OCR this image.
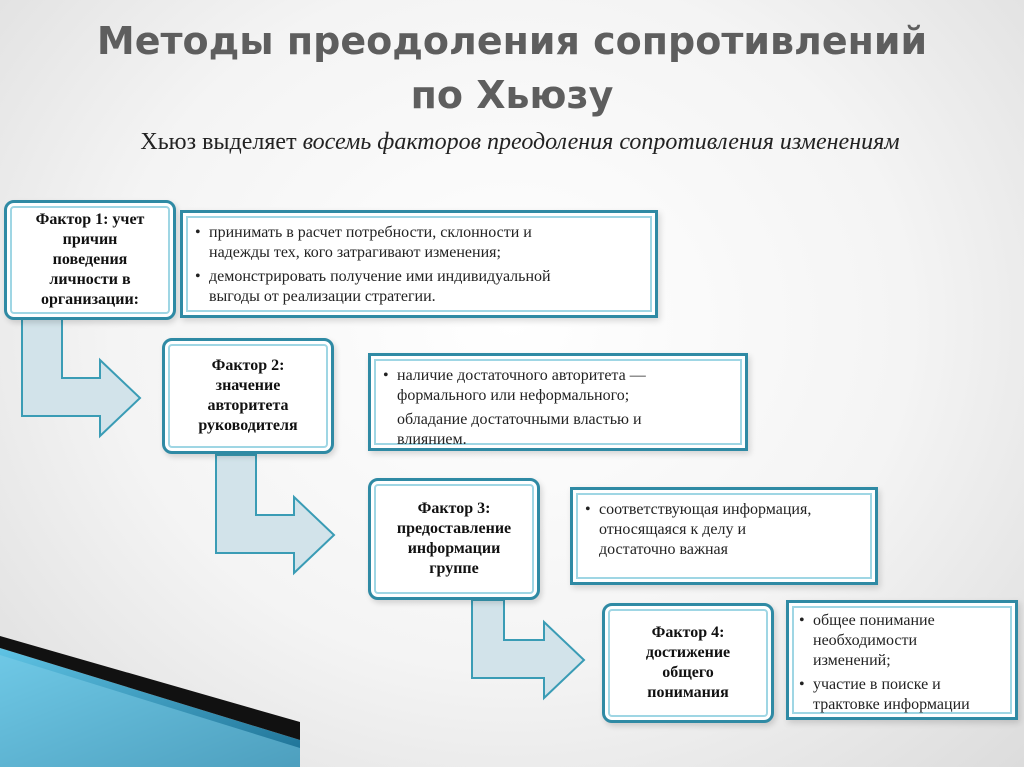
Методы преодоления сопротивлений
по Хьюзу
Хьюз выделяет восемь факторов преодоления сопротивления изменениям
Фактор 1: учет
причин
поведения
личности в
организации:
• принимать в расчет потребности, склонности и
надежды тех, кого затрагивают изменения;
• демонстрировать получение ими индивидуальной
выгоды от реализации стратегии.
Фактор 2:
значение
авторитета
руководителя
• наличие достаточного авторитета —
формального или неформального;
обладание достаточными властью и
влиянием.
Фактор 3:
предоставление
информации
группе
• соответствующая информация,
относящаяся к делу и
достаточно важная
Фактор 4:
достижение
общего
понимания
• общее понимание
необходимости
изменений;
• участие в поиске и
трактовке информации
